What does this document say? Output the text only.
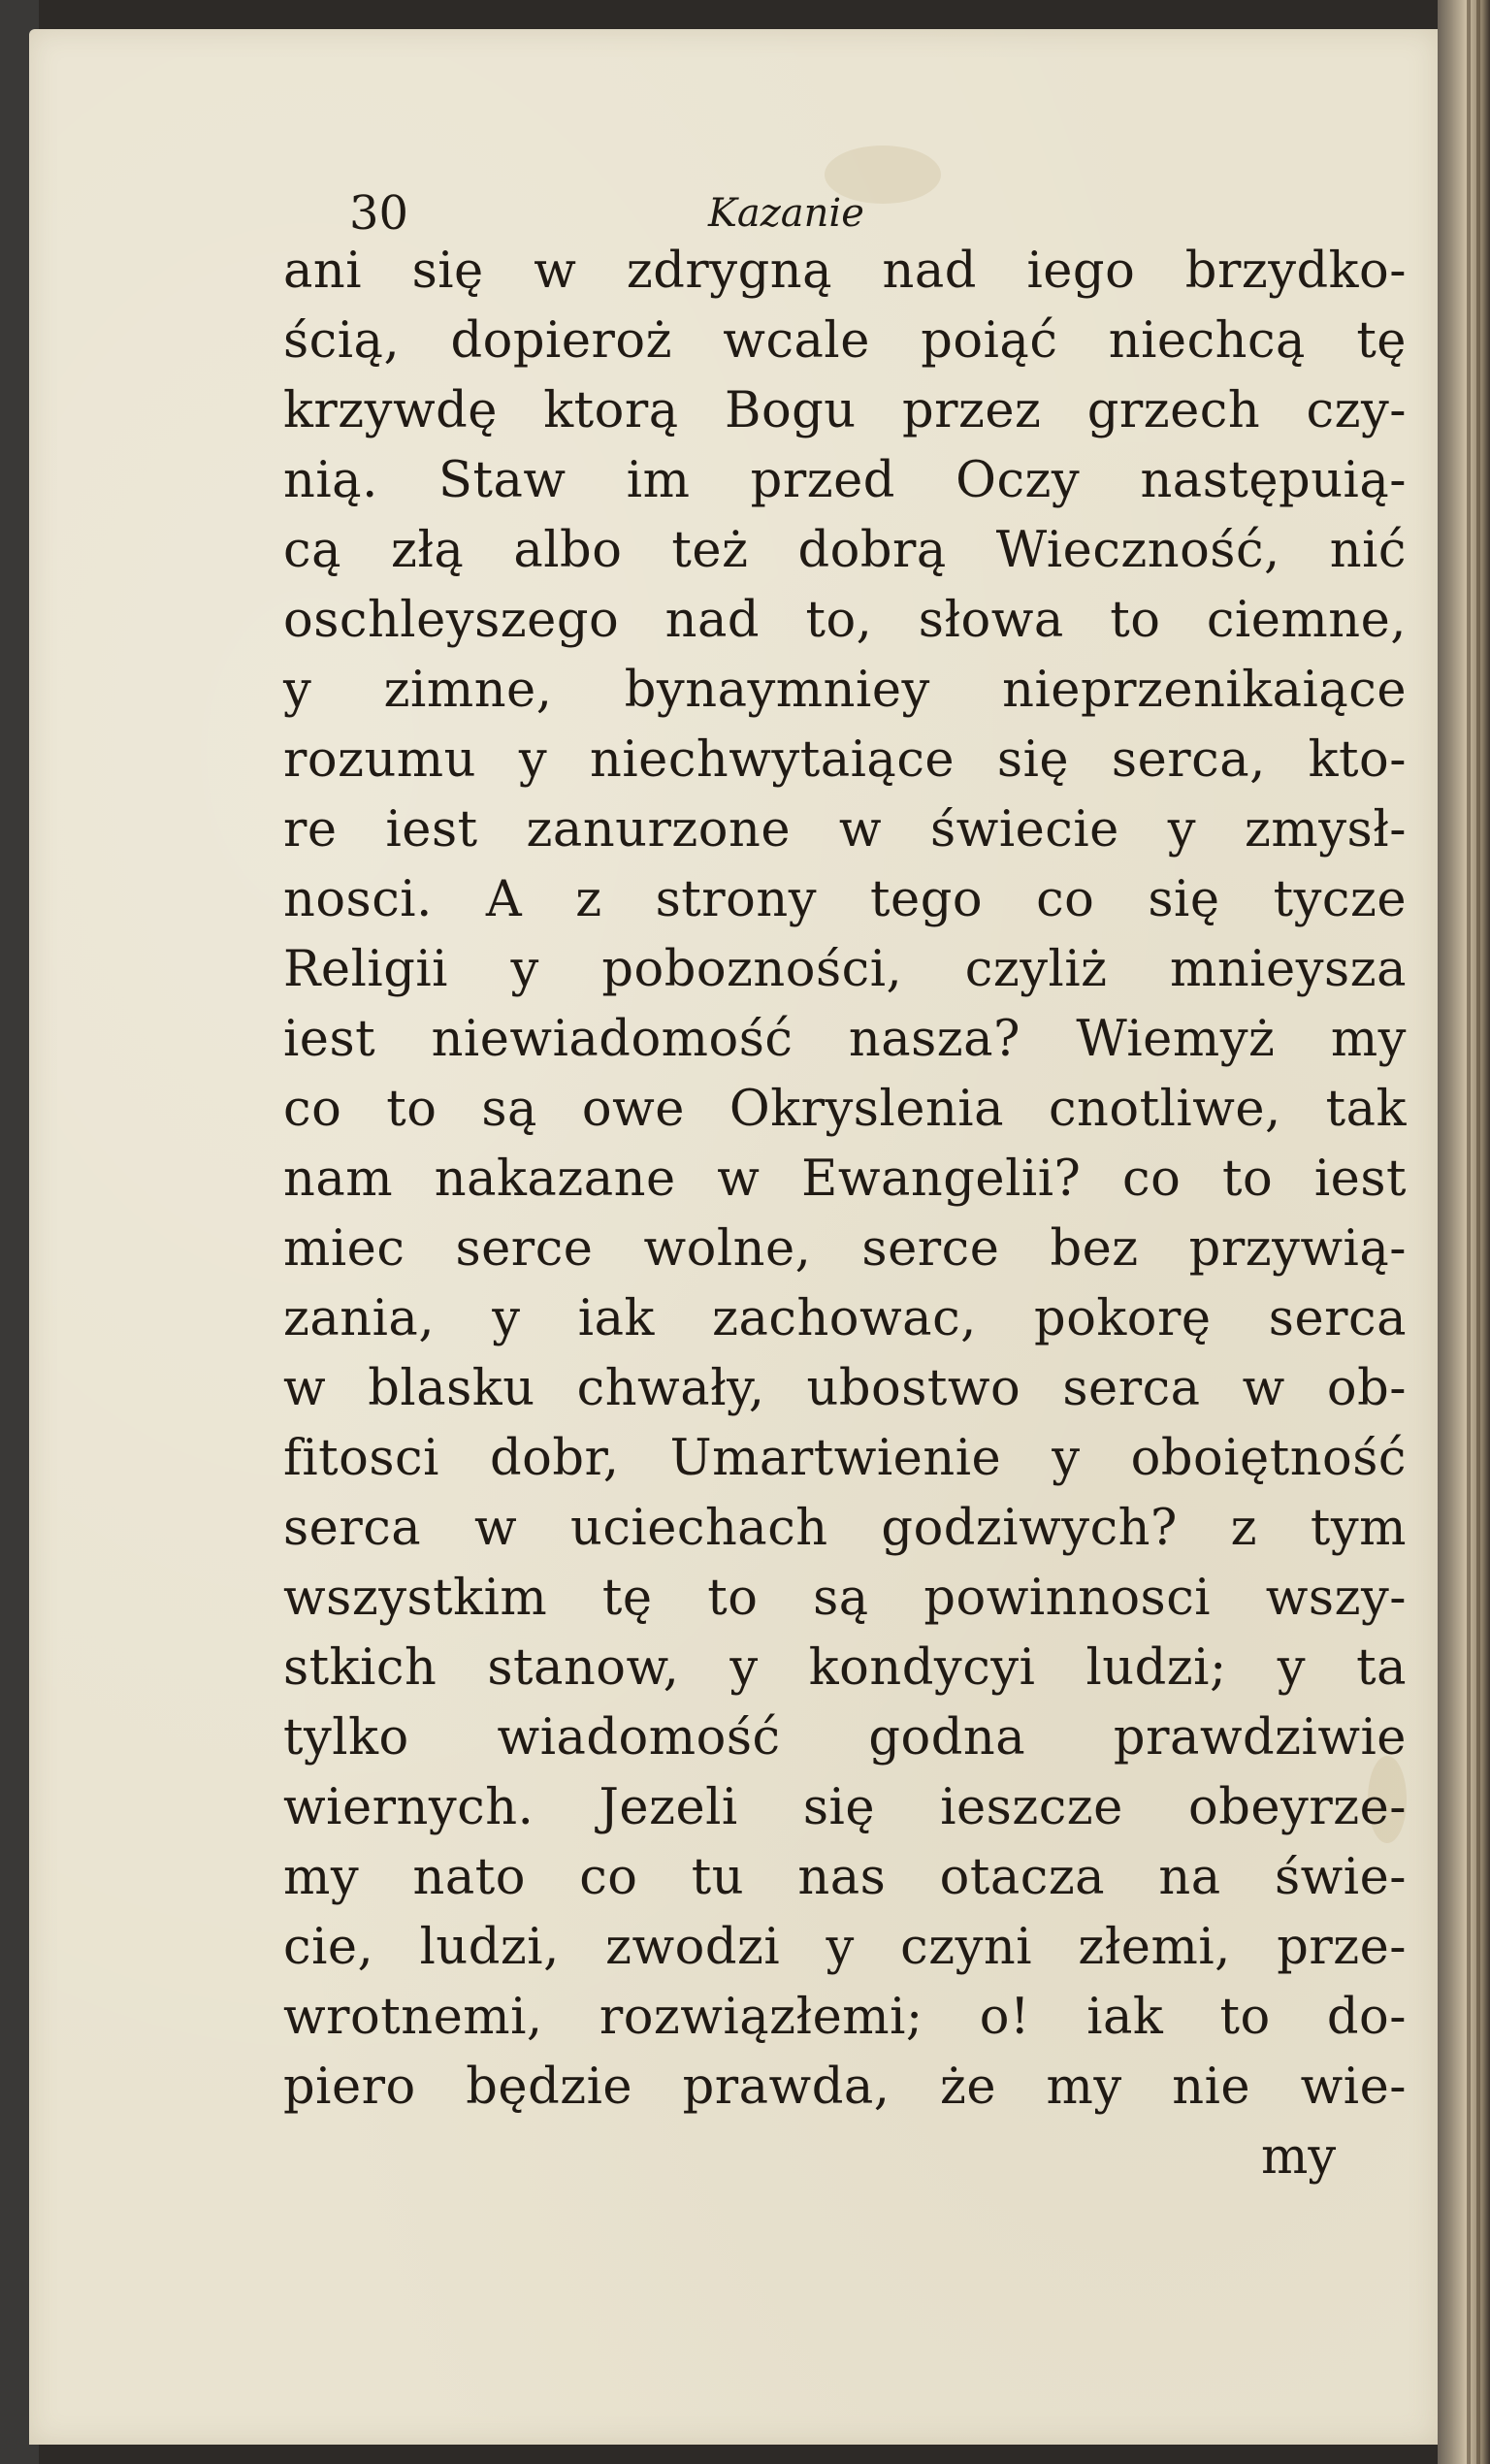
30	Kazanie
ani się w zdrygną nad iego brzydko-
ścią, dopieroż wcale poiąć niechcą tę
krzywdę ktorą Bogu przez grzech czy-
nią. Staw im przed Oczy następuią-
cą złą albo też dobrą Wieczność, nić
oschleyszego nad to, słowa to ciemne,
y zimne, bynaymniey nieprzenikaiące
rozumu y niechwytaiące się serca, kto-
re iest zanurzone w świecie y zmysł-
nosci. A z strony tego co się tycze
Religii y pobozności, czyliż mnieysza
iest niewiadomość nasza? Wiemyż my
co to są owe Okryslenia cnotliwe, tak
nam nakazane w Ewangelii? co to iest
miec serce wolne, serce bez przywią-
zania, y iak zachowac, pokorę serca
w blasku chwały, ubostwo serca w ob-
fitosci dobr, Umartwienie y oboiętność
serca w uciechach godziwych? z tym
wszystkim tę to są powinnosci wszy-
stkich stanow, y kondycyi ludzi; y ta
tylko wiadomość godna prawdziwie
wiernych. Jezeli się ieszcze obeyrze-
my nato co tu nas otacza na świe-
cie, ludzi, zwodzi y czyni złemi, prze-
wrotnemi, rozwiązłemi; o! iak to do-
piero będzie prawda, że my nie wie-
my
